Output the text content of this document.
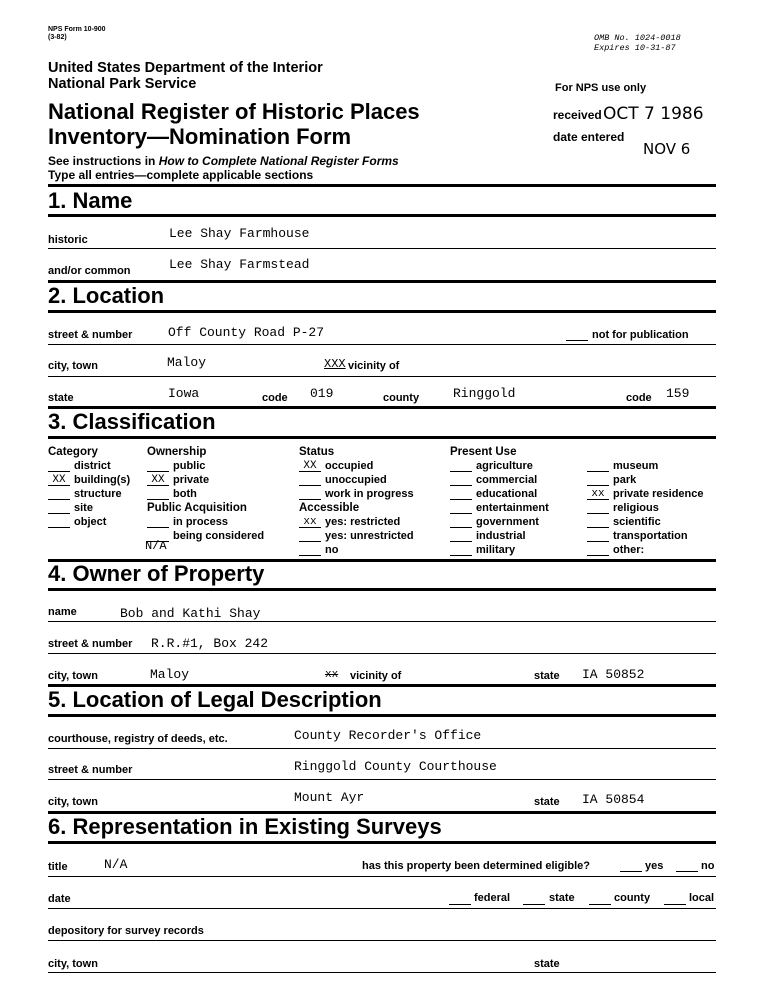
NPS Form 10-900
(3-82)	OMB No. 1024-0018
Expires 10-31-87
United States Department of the Interior
National Park Service	For NPS use only
National Register of Historic Places
Inventory—Nomination Form
received OCT 7 1986
date entered
NOV 6
See instructions in How to Complete National Register Forms
Type all entries—complete applicable sections
1. Name
historic	Lee Shay Farmhouse
and/or common	Lee Shay Farmstead
2. Location
street & number	Off County Road P-27	not for publication
city, town	Maloy	XXX vicinity of
state	Iowa	code 019	county	Ringgold	code 159
3. Classification
Category
district
XX building(s)
structure
site
object
Ownership
public
XX private
both
Public Acquisition
in process
being considered
N/A
Status
XX occupied
unoccupied
work in progress
Accessible
xx yes: restricted
yes: unrestricted
no
Present Use
agriculture
commercial
educational
entertainment
government
industrial
military
museum
park
xx private residence
religious
scientific
transportation
other:
4. Owner of Property
name	Bob and Kathi Shay
street & number R.R.#1, Box 242
city, town	Maloy	xx vicinity of	state IA 50852
5. Location of Legal Description
courthouse, registry of deeds, etc.	County Recorder's Office
street & number	Ringgold County Courthouse
city, town	Mount Ayr	state IA 50854
6. Representation in Existing Surveys
title	N/A	has this property been determined eligible?	yes	no
date	federal	state	county	local
depository for survey records
city, town	state
